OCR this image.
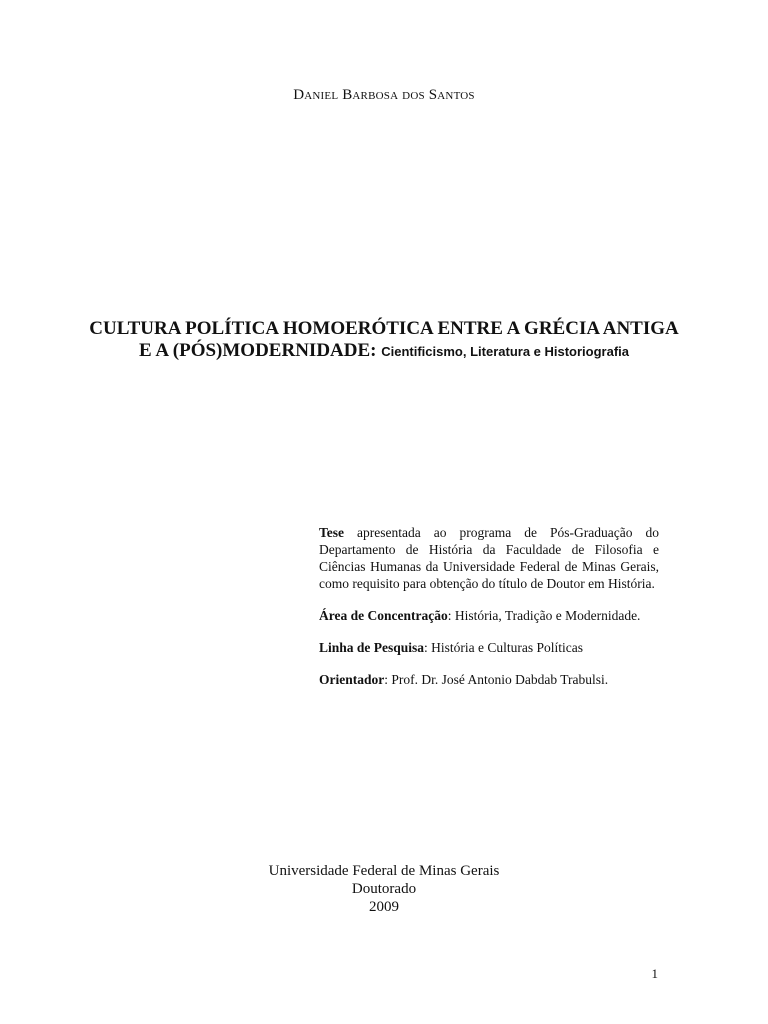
Daniel Barbosa dos Santos
CULTURA POLÍTICA HOMOERÓTICA ENTRE A GRÉCIA ANTIGA
E A (PÓS)MODERNIDADE: Cientificismo, Literatura e Historiografia

Tese apresentada ao programa de Pós-Graduação do Departamento de História da Faculdade de Filosofia e Ciências Humanas da Universidade Federal de Minas Gerais, como requisito para obtenção do título de Doutor em História.

Área de Concentração: História, Tradição e Modernidade.

Linha de Pesquisa: História e Culturas Políticas

Orientador: Prof. Dr. José Antonio Dabdab Trabulsi.

Universidade Federal de Minas Gerais
Doutorado
2009
1
